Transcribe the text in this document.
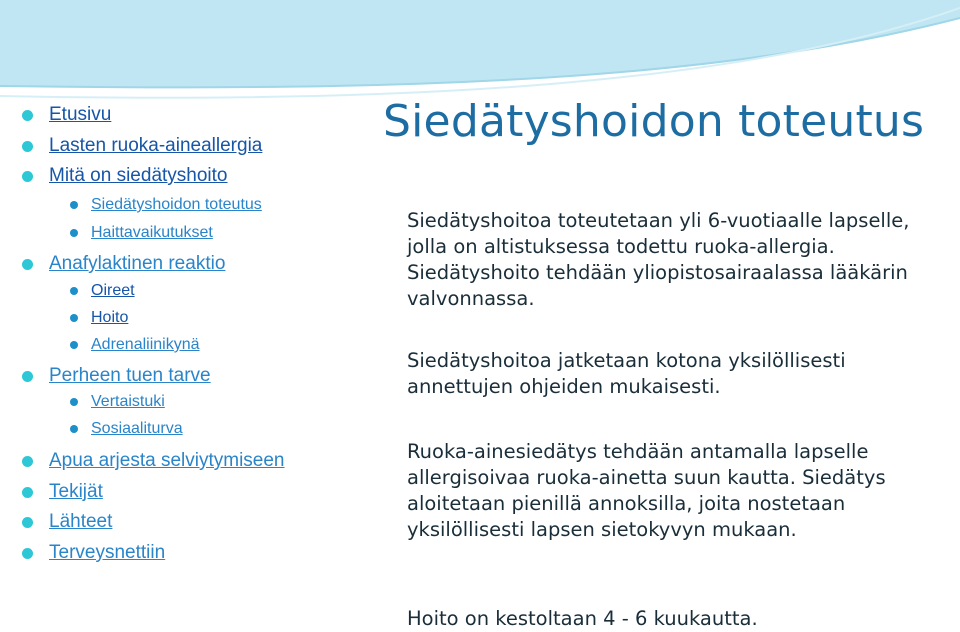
Etusivu
Lasten ruoka-aineallergia
Mitä on siedätyshoito
Siedätyshoidon toteutus
Haittavaikutukset
Anafylaktinen reaktio
Oireet
Hoito
Adrenaliinikynä
Perheen tuen tarve
Vertaistuki
Sosiaaliturva
Apua arjesta selviytymiseen
Tekijät
Lähteet
Terveysnettiin
Siedätyshoidon toteutus

Siedätyshoitoa toteutetaan yli 6-vuotiaalle lapselle, jolla on altistuksessa todettu ruoka-allergia. Siedätyshoito tehdään yliopistosairaalassa lääkärin valvonnassa.

Siedätyshoitoa jatketaan kotona yksilöllisesti annettujen ohjeiden mukaisesti.

Ruoka-ainesiedätys tehdään antamalla lapselle allergisoivaa ruoka-ainetta suun kautta. Siedätys aloitetaan pienillä annoksilla, joita nostetaan yksilöllisesti lapsen sietokyvyn mukaan.

Hoito on kestoltaan 4 - 6 kuukautta.
